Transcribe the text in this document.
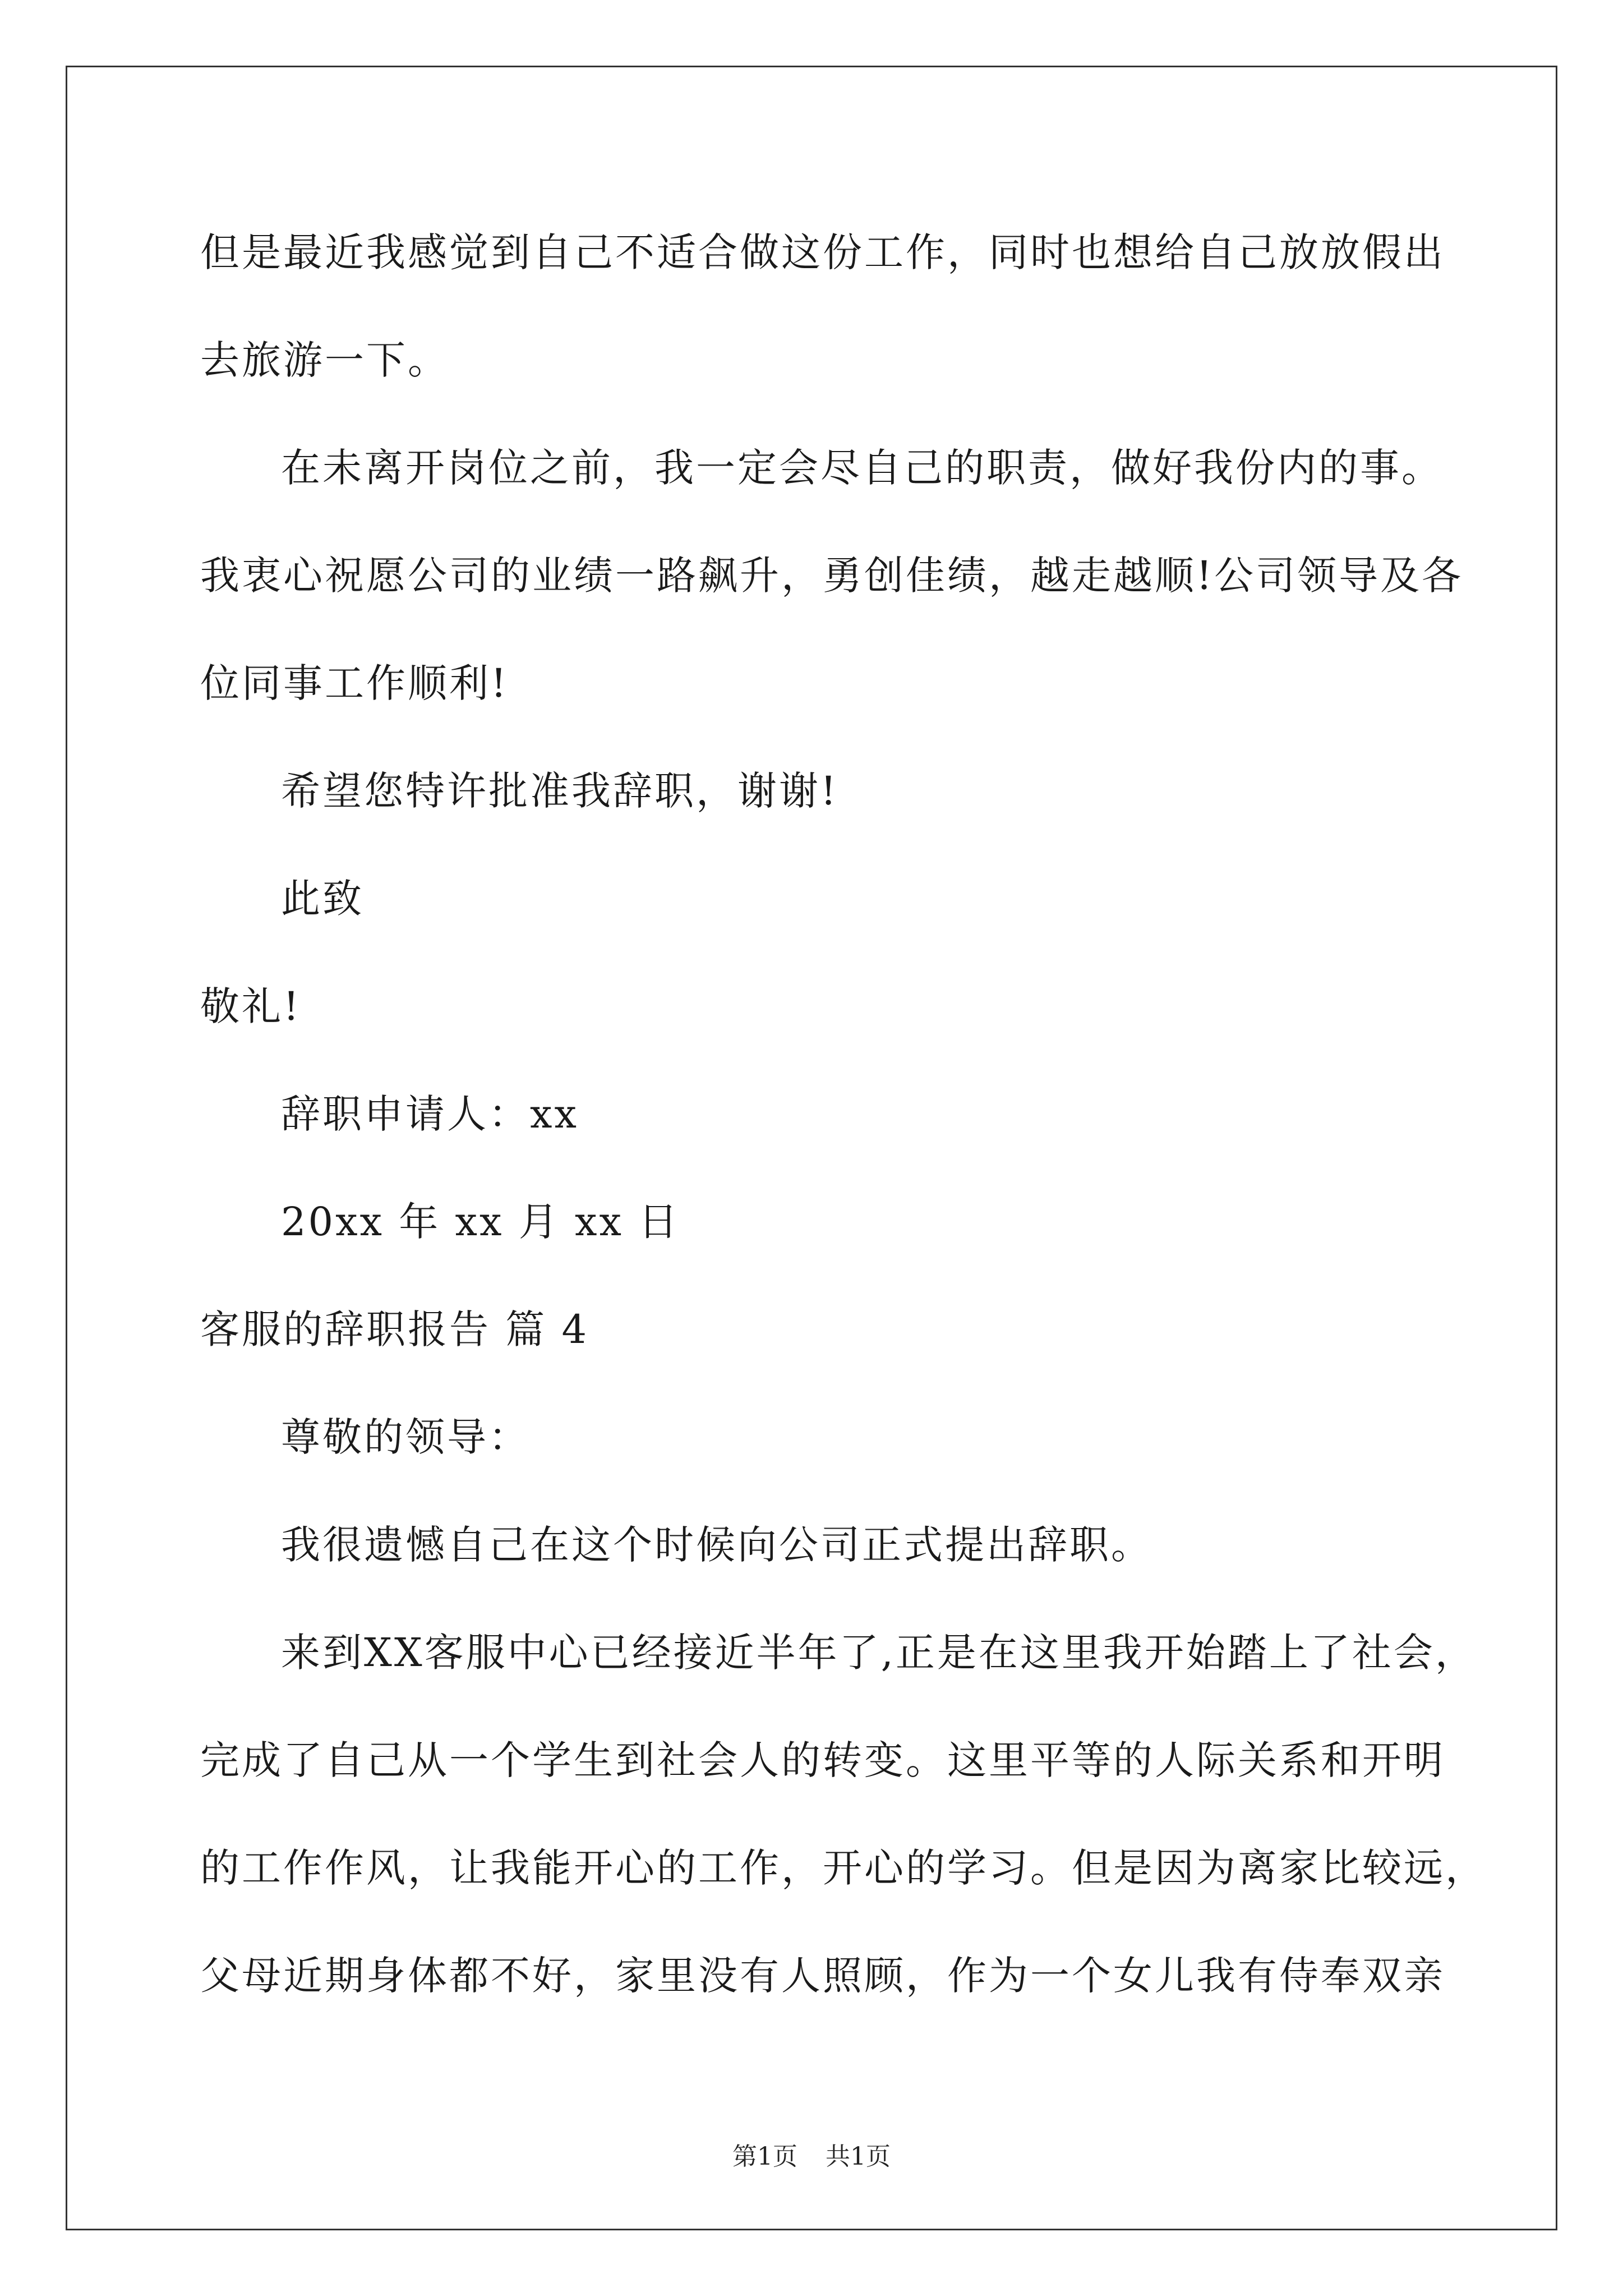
但是最近我感觉到自己不适合做这份工作，同时也想给自己放放假出
去旅游一下。
在未离开岗位之前，我一定会尽自己的职责，做好我份内的事。
我衷心祝愿公司的业绩一路飙升，勇创佳绩，越走越顺!公司领导及各
位同事工作顺利!
希望您特许批准我辞职，谢谢!
此致
敬礼!
辞职申请人：xx
20xx 年 xx 月 xx 日
客服的辞职报告 篇 4
尊敬的领导：
我很遗憾自己在这个时候向公司正式提出辞职。
来到XX客服中心已经接近半年了,正是在这里我开始踏上了社会，
完成了自己从一个学生到社会人的转变。这里平等的人际关系和开明
的工作作风，让我能开心的工作，开心的学习。但是因为离家比较远，
父母近期身体都不好，家里没有人照顾，作为一个女儿我有侍奉双亲
第1页 共1页
